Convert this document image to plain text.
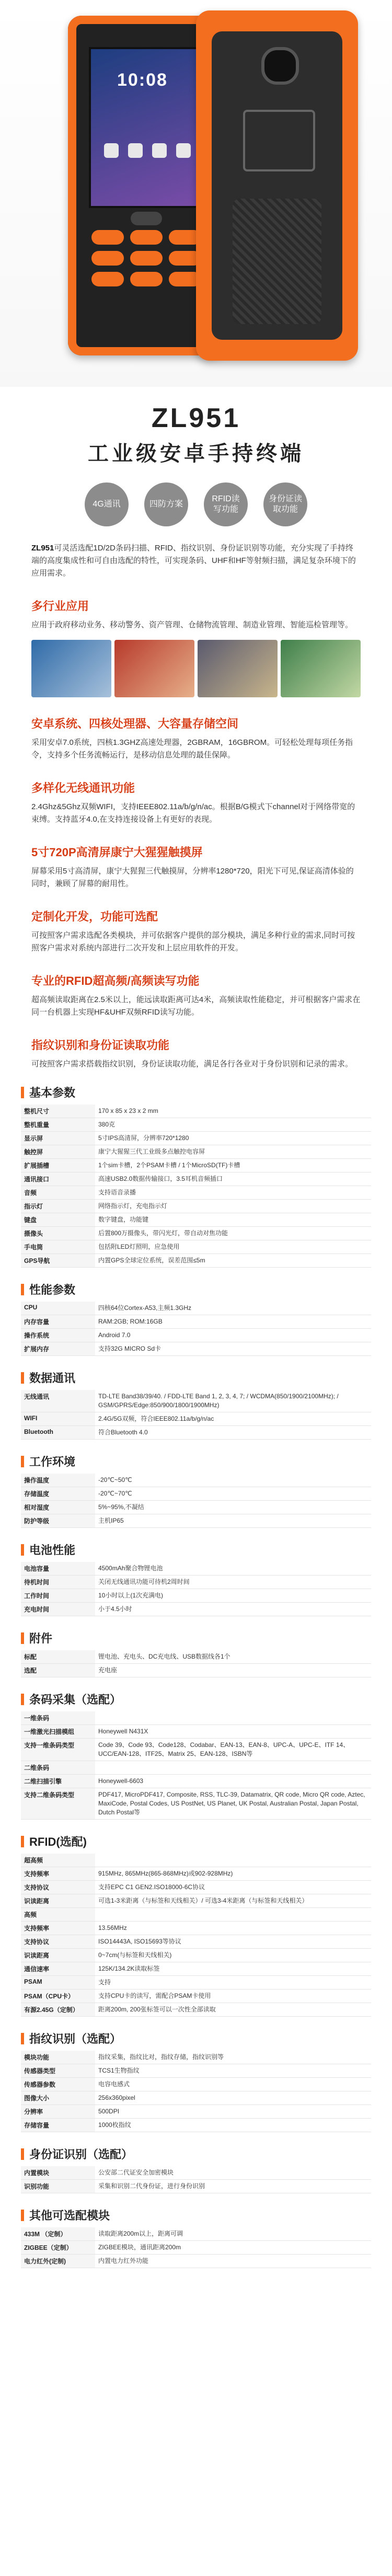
10:08
ZL951
工业级安卓手持终端
4G通讯	四防方案
RFID读写功能
身份证读取功能
ZL951可灵活选配1D/2D条码扫描、RFID、指纹识别、身份证识别等功能，充分实现了手持终端的高度集成性和可自由选配的特性，可实现条码、UHF和HF等射频扫描，满足复杂环境下的应用需求。
多行业应用
应用于政府移动业务、移动警务、资产管理、仓储物流管理、制造业管理、智能巡检管理等。
安卓系统、四核处理器、大容量存储空间
采用安卓7.0系统，四核1.3GHZ高速处理器，2GBRAM，16GBROM。可轻松处理每项任务指令，支持多个任务流畅运行，是移动信息处理的最佳保障。
多样化无线通讯功能
2.4Ghz&5Ghz双频WIFI，支持IEEE802.11a/b/g/n/ac。根据B/G模式下channel对于网络带宽的束缚。支持蓝牙4.0,在支持连接设备上有更好的表现。
5寸720P高清屏康宁大猩猩触摸屏
屏幕采用5寸高清屏，康宁大猩猩三代触摸屏，分辨率1280*720，阳光下可见,保证高清体验的同时，兼顾了屏幕的耐用性。
定制化开发，功能可选配
可按照客户需求选配各类模块，并可依据客户提供的部分模块，满足多种行业的需求,同时可按照客户需求对系统内部进行二次开发和上层应用软件的开发。
专业的RFID超高频/高频读写功能
超高频读取距离在2.5米以上，能远读取距离可达4米，高频读取性能稳定，并可根据客户需求在同一台机器上实现HF&UHF双频RFID读写功能。
指纹识别和身份证读取功能
可按照客户需求搭载指纹识别，身份证读取功能，满足各行各业对于身份识别和记录的需求。
基本参数
整机尺寸	170 x 85 x 23 x 2 mm
整机重量	380克
显示屏	5寸IPS高清屏，分辨率720*1280
触控屏	康宁大猩猩三代工业级多点触控电容屏
扩展插槽	1个sim卡槽，2个PSAM卡槽 / 1个MicroSD(TF)卡槽
通讯接口	高速USB2.0数据传输接口，3.5耳机音频插口
音频	支持语音录播
指示灯	网络指示灯，充电指示灯
键盘	数字键盘，功能键
摄像头	后置800万摄像头，带闪光灯，带自动对焦功能
手电筒	包括附LED灯照明，应急使用
GPS导航	内置GPS全球定位系统，误差范围≤5m
性能参数
CPU	四核64位Cortex-A53,主频1.3GHz
内存容量	RAM:2GB; ROM:16GB
操作系统	Android 7.0
扩展内存	支持32G MICRO Sd卡
数据通讯
无线通讯	TD-LTE Band38/39/40. / FDD-LTE Band 1, 2, 3, 4, 7; / WCDMA(850/1900/2100MHz); / GSM/GPRS/Edge:850/900/1800/1900MHz)
WIFI	2.4G/5G双频，符合IEEE802.11a/b/g/n/ac
Bluetooth	符合Bluetooth 4.0
工作环境
操作温度	-20℃~50℃
存储温度	-20℃~70℃
相对湿度	5%~95%,不凝结
防护等级	主机IP65
电池性能
电池容量	4500mAh聚合物锂电池
待机时间	关闭无线通讯功能可待机2周时间
工作时间	10小时以上(1次充满电)
充电时间	小于4.5小时
附件
标配	锂电池、充电头、DC充电线、USB数据线各1个
选配	充电座
条码采集（选配）
一维条码	
一维激光扫描模组	Honeywell N431X
支持一维条码类型	Code 39、Code 93、Code128、Codabar、EAN-13、EAN-8、UPC-A、UPC-E、ITF 14、UCC/EAN-128、ITF25、Matrix 25、EAN-128、ISBN等
二维条码	
二维扫描引擎	Honeywell-6603
支持二维条码类型	PDF417, MicroPDF417, Composite, RSS, TLC-39, Datamatrix, QR code, Micro QR code, Aztec, MaxiCode, Postal Codes, US PostNet, US Planet, UK Postal, Australian Postal, Japan Postal, Dutch Postal等
RFID(选配)
超高频	
支持频率	915MHz, 865MHz(865-868MHz)或902-928MHz)
支持协议	支持EPC C1 GEN2.ISO18000-6C协议
识读距离	可选1-3米距离（与标签和天线相关）/ 可选3-4米距离（与标签和天线相关）
高频	
支持频率	13.56MHz
支持协议	ISO14443A, ISO15693等协议
识读距离	0~7cm(与标签和天线相关)
通信速率	125K/134.2K读取标签
PSAM	支持
PSAM（CPU卡）	支持CPU卡的读写，需配合PSAM卡使用
有源2.45G（定制）	距离200m, 200张标签可以一次性全部读取
指纹识别（选配）
模块功能	指纹采集，指纹比对，指纹存储，指纹识别等
传感器类型	TCS1生物指纹
传感器参数	电容电感式
图像大小	256x360pixel
分辨率	500DPI
存储容量	1000枚指纹
身份证识别（选配）
内置模块	公安部二代证安全加密模块
识别功能	采集和识别二代身份证，进行身份识别
其他可选配模块
433M （定制）	读取距离200m以上，距离可调
ZIGBEE（定制）	ZIGBEE模块，通讯距离200m
电力红外(定制)	内置电力红外功能
